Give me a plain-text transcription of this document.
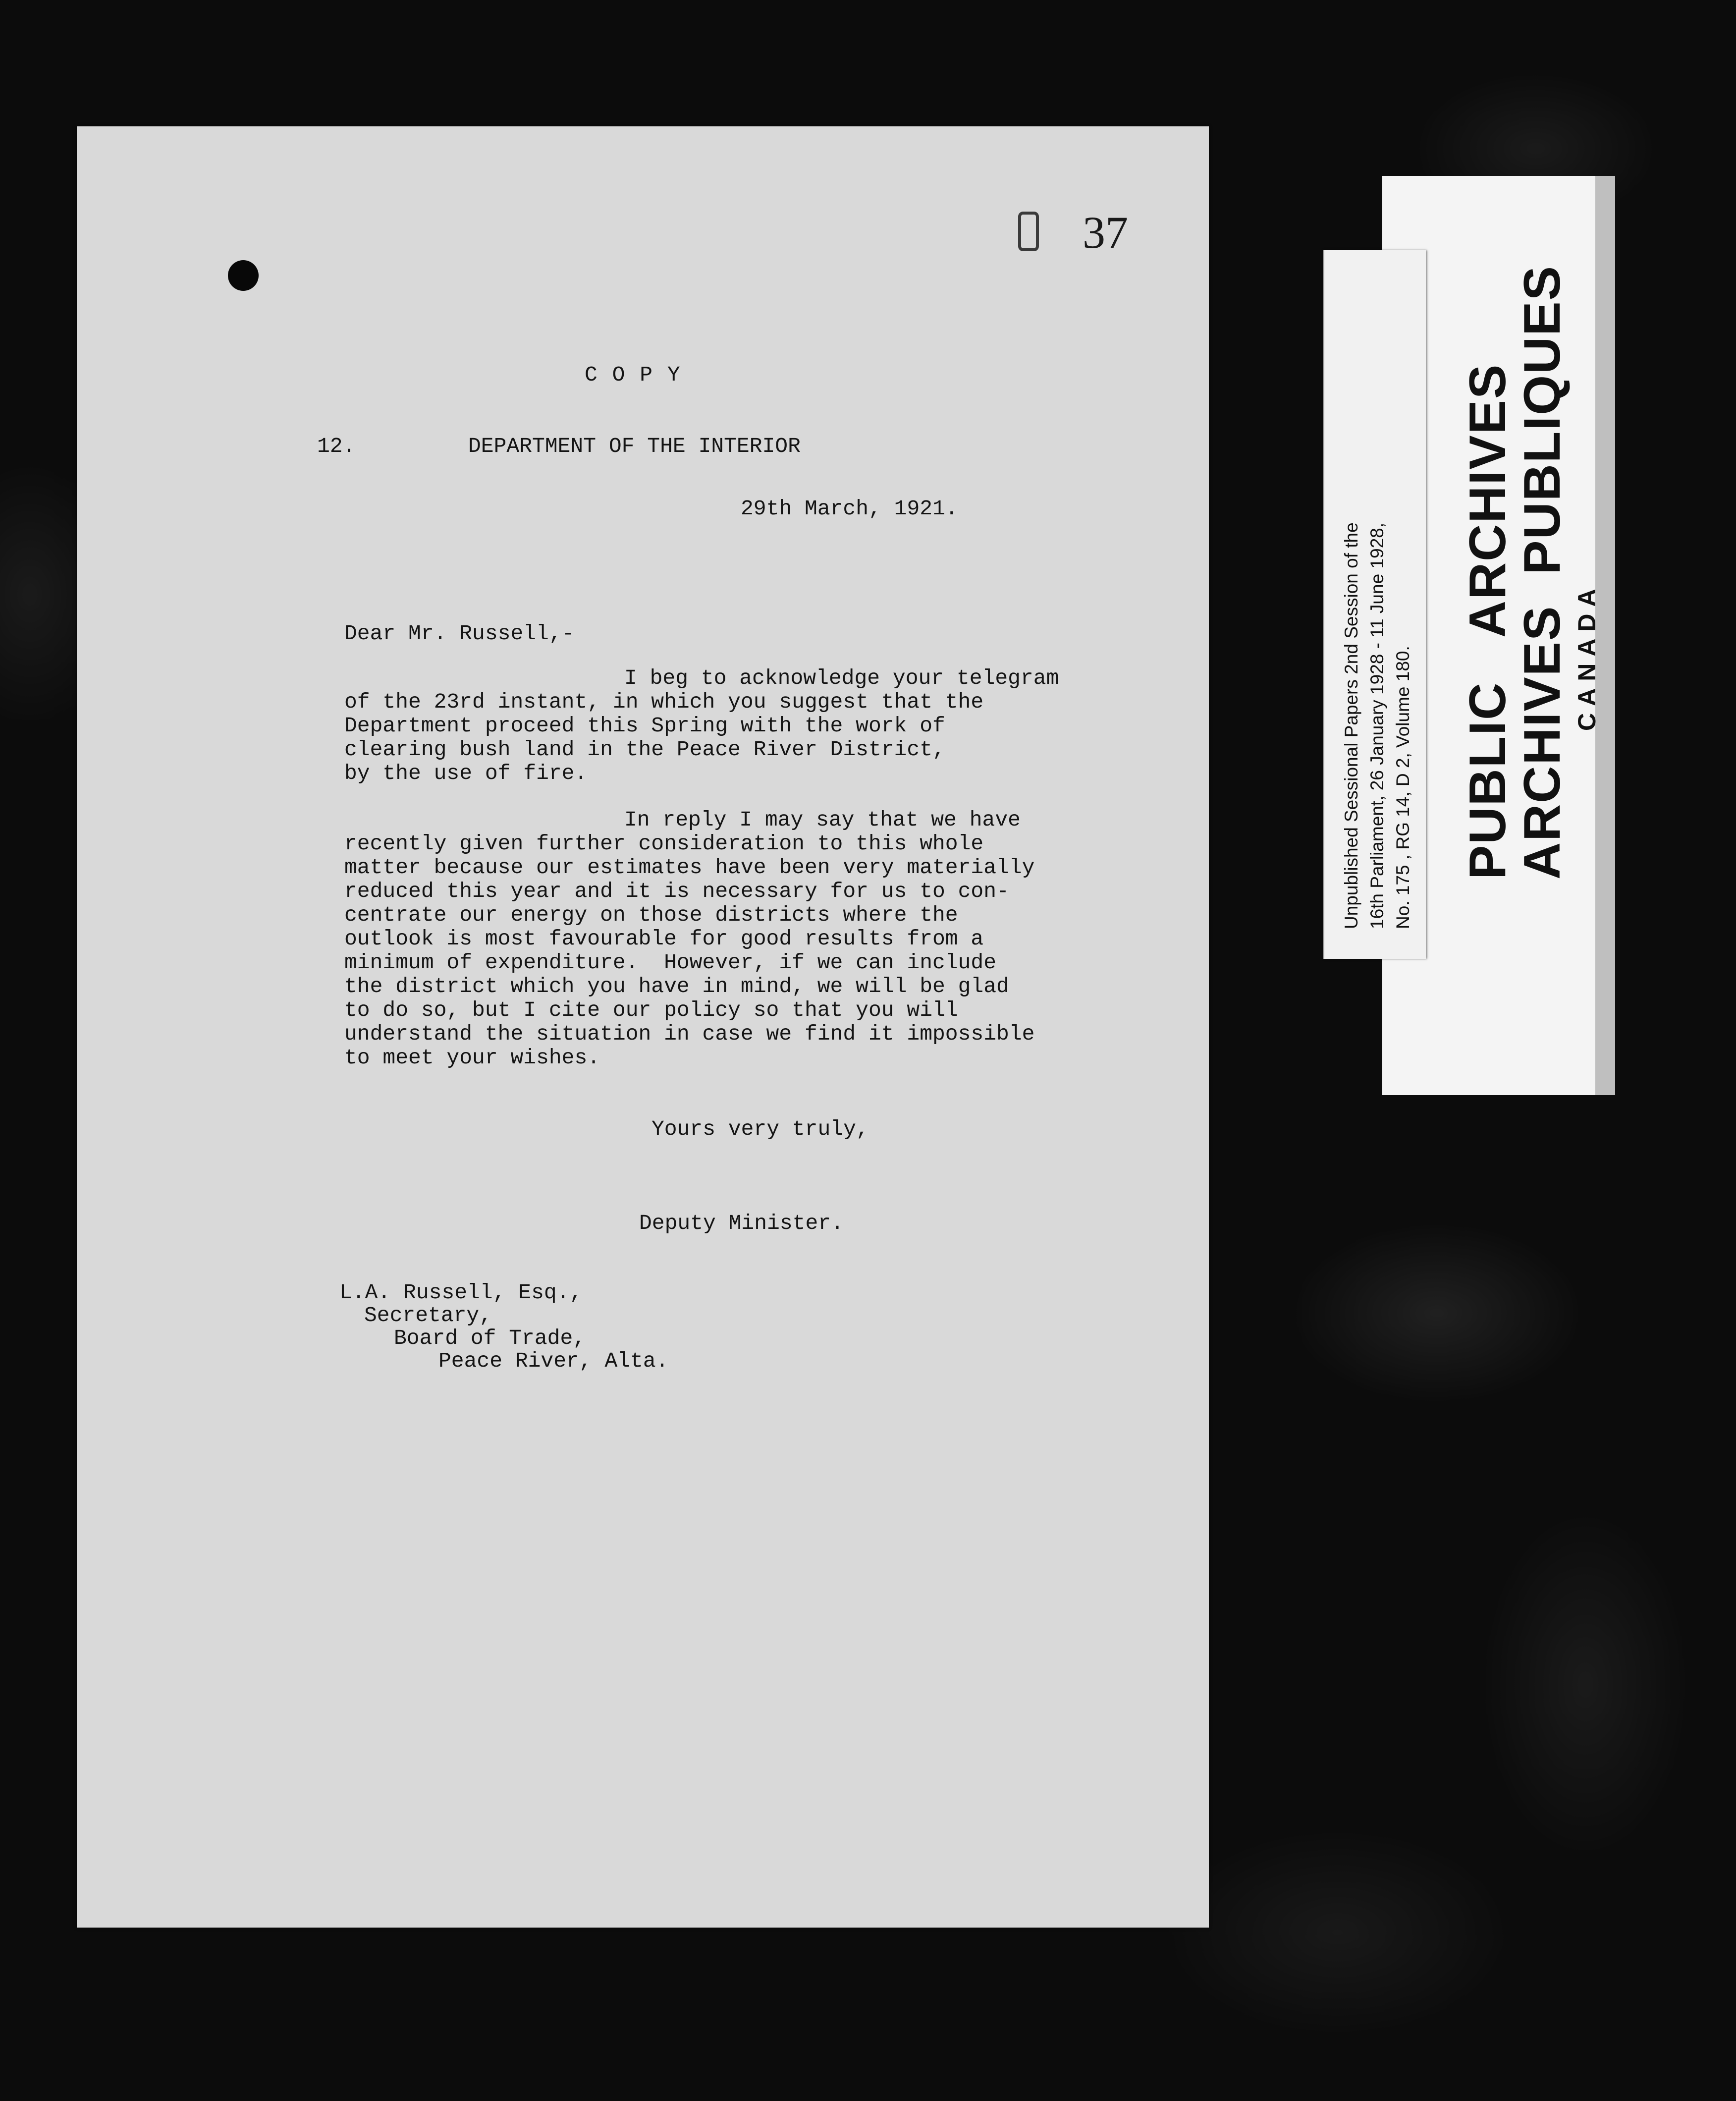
37
C O P Y
12.	DEPARTMENT OF THE INTERIOR
29th March, 1921.
Dear Mr. Russell,-
I beg to acknowledge your telegram
of the 23rd instant, in which you suggest that the
Department proceed this Spring with the work of
clearing bush land in the Peace River District,
by the use of fire.
In reply I may say that we have
recently given further consideration to this whole
matter because our estimates have been very materially
reduced this year and it is necessary for us to con-
centrate our energy on those districts where the
outlook is most favourable for good results from a
minimum of expenditure.  However, if we can include
the district which you have in mind, we will be glad
to do so, but I cite our policy so that you will
understand the situation in case we find it impossible
to meet your wishes.
Yours very truly,
Deputy Minister.
L.A. Russell, Esq.,
Secretary,
Board of Trade,
Peace River, Alta.
PUBLIC   ARCHIVES
ARCHIVES  PUBLIQUES CANADA
Unpublished Sessional Papers 2nd Session of the 16th Parliament, 26 January 1928 - 11 June 1928, No. 175 , RG 14, D 2, Volume 180.
